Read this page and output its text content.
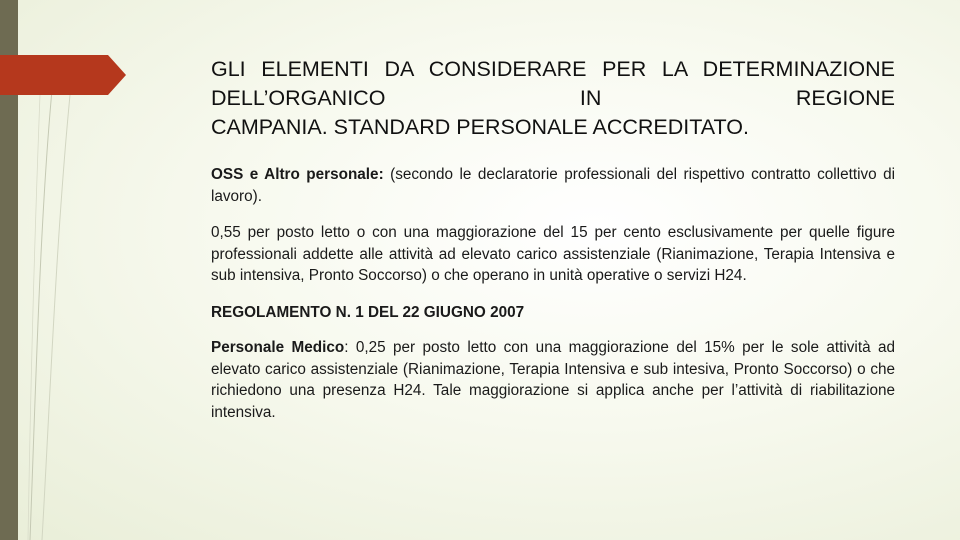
GLI ELEMENTI DA CONSIDERARE PER LA DETERMINAZIONE DELL’ORGANICO IN REGIONE
CAMPANIA. STANDARD PERSONALE ACCREDITATO.

OSS e Altro personale: (secondo le declaratorie professionali del rispettivo contratto collettivo di lavoro).

0,55 per posto letto o con una maggiorazione del 15 per cento esclusivamente per quelle figure professionali addette alle attività ad elevato carico assistenziale (Rianimazione, Terapia Intensiva e sub intensiva, Pronto Soccorso) o che operano in unità operative o servizi H24.

REGOLAMENTO N. 1 DEL 22 GIUGNO 2007

Personale Medico: 0,25 per posto letto con una maggiorazione del 15% per le sole attività ad elevato carico assistenziale (Rianimazione, Terapia Intensiva e sub intesiva, Pronto Soccorso) o che richiedono una presenza H24. Tale maggiorazione si applica anche per l’attività di riabilitazione intensiva.
